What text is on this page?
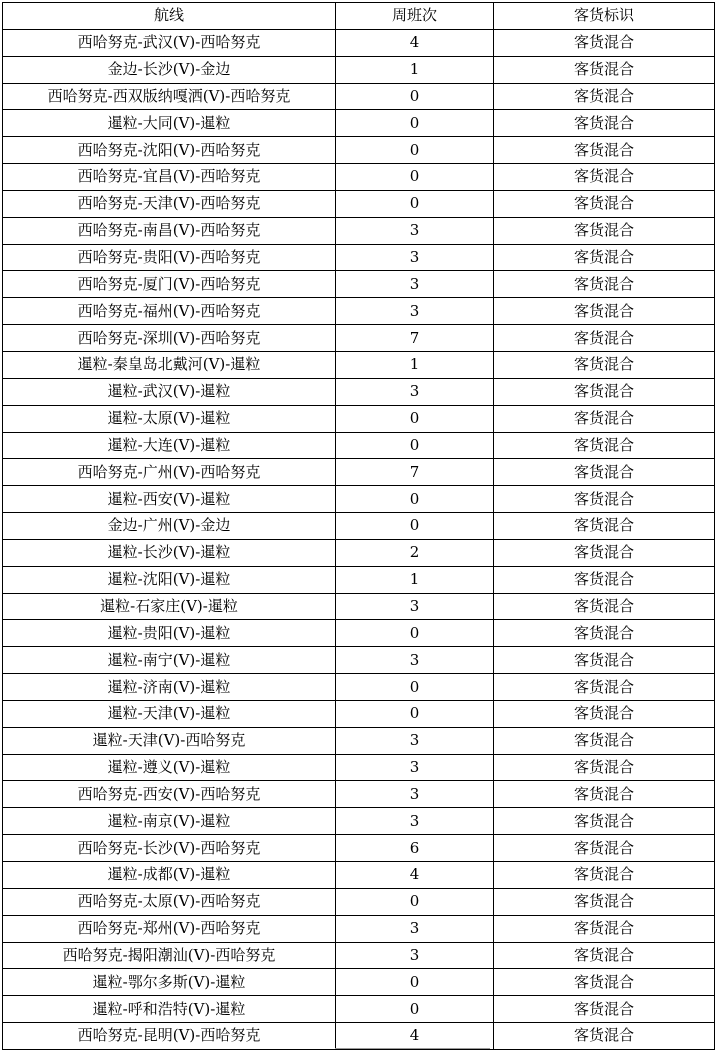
航线	周班次	客货标识
西哈努克-武汉(V)-西哈努克	4	客货混合
金边-长沙(V)-金边	1	客货混合
西哈努克-西双版纳嘎洒(V)-西哈努克	0	客货混合
暹粒-大同(V)-暹粒	0	客货混合
西哈努克-沈阳(V)-西哈努克	0	客货混合
西哈努克-宜昌(V)-西哈努克	0	客货混合
西哈努克-天津(V)-西哈努克	0	客货混合
西哈努克-南昌(V)-西哈努克	3	客货混合
西哈努克-贵阳(V)-西哈努克	3	客货混合
西哈努克-厦门(V)-西哈努克	3	客货混合
西哈努克-福州(V)-西哈努克	3	客货混合
西哈努克-深圳(V)-西哈努克	7	客货混合
暹粒-秦皇岛北戴河(V)-暹粒	1	客货混合
暹粒-武汉(V)-暹粒	3	客货混合
暹粒-太原(V)-暹粒	0	客货混合
暹粒-大连(V)-暹粒	0	客货混合
西哈努克-广州(V)-西哈努克	7	客货混合
暹粒-西安(V)-暹粒	0	客货混合
金边-广州(V)-金边	0	客货混合
暹粒-长沙(V)-暹粒	2	客货混合
暹粒-沈阳(V)-暹粒	1	客货混合
暹粒-石家庄(V)-暹粒	3	客货混合
暹粒-贵阳(V)-暹粒	0	客货混合
暹粒-南宁(V)-暹粒	3	客货混合
暹粒-济南(V)-暹粒	0	客货混合
暹粒-天津(V)-暹粒	0	客货混合
暹粒-天津(V)-西哈努克	3	客货混合
暹粒-遵义(V)-暹粒	3	客货混合
西哈努克-西安(V)-西哈努克	3	客货混合
暹粒-南京(V)-暹粒	3	客货混合
西哈努克-长沙(V)-西哈努克	6	客货混合
暹粒-成都(V)-暹粒	4	客货混合
西哈努克-太原(V)-西哈努克	0	客货混合
西哈努克-郑州(V)-西哈努克	3	客货混合
西哈努克-揭阳潮汕(V)-西哈努克	3	客货混合
暹粒-鄂尔多斯(V)-暹粒	0	客货混合
暹粒-呼和浩特(V)-暹粒	0	客货混合
西哈努克-昆明(V)-西哈努克	4	客货混合
